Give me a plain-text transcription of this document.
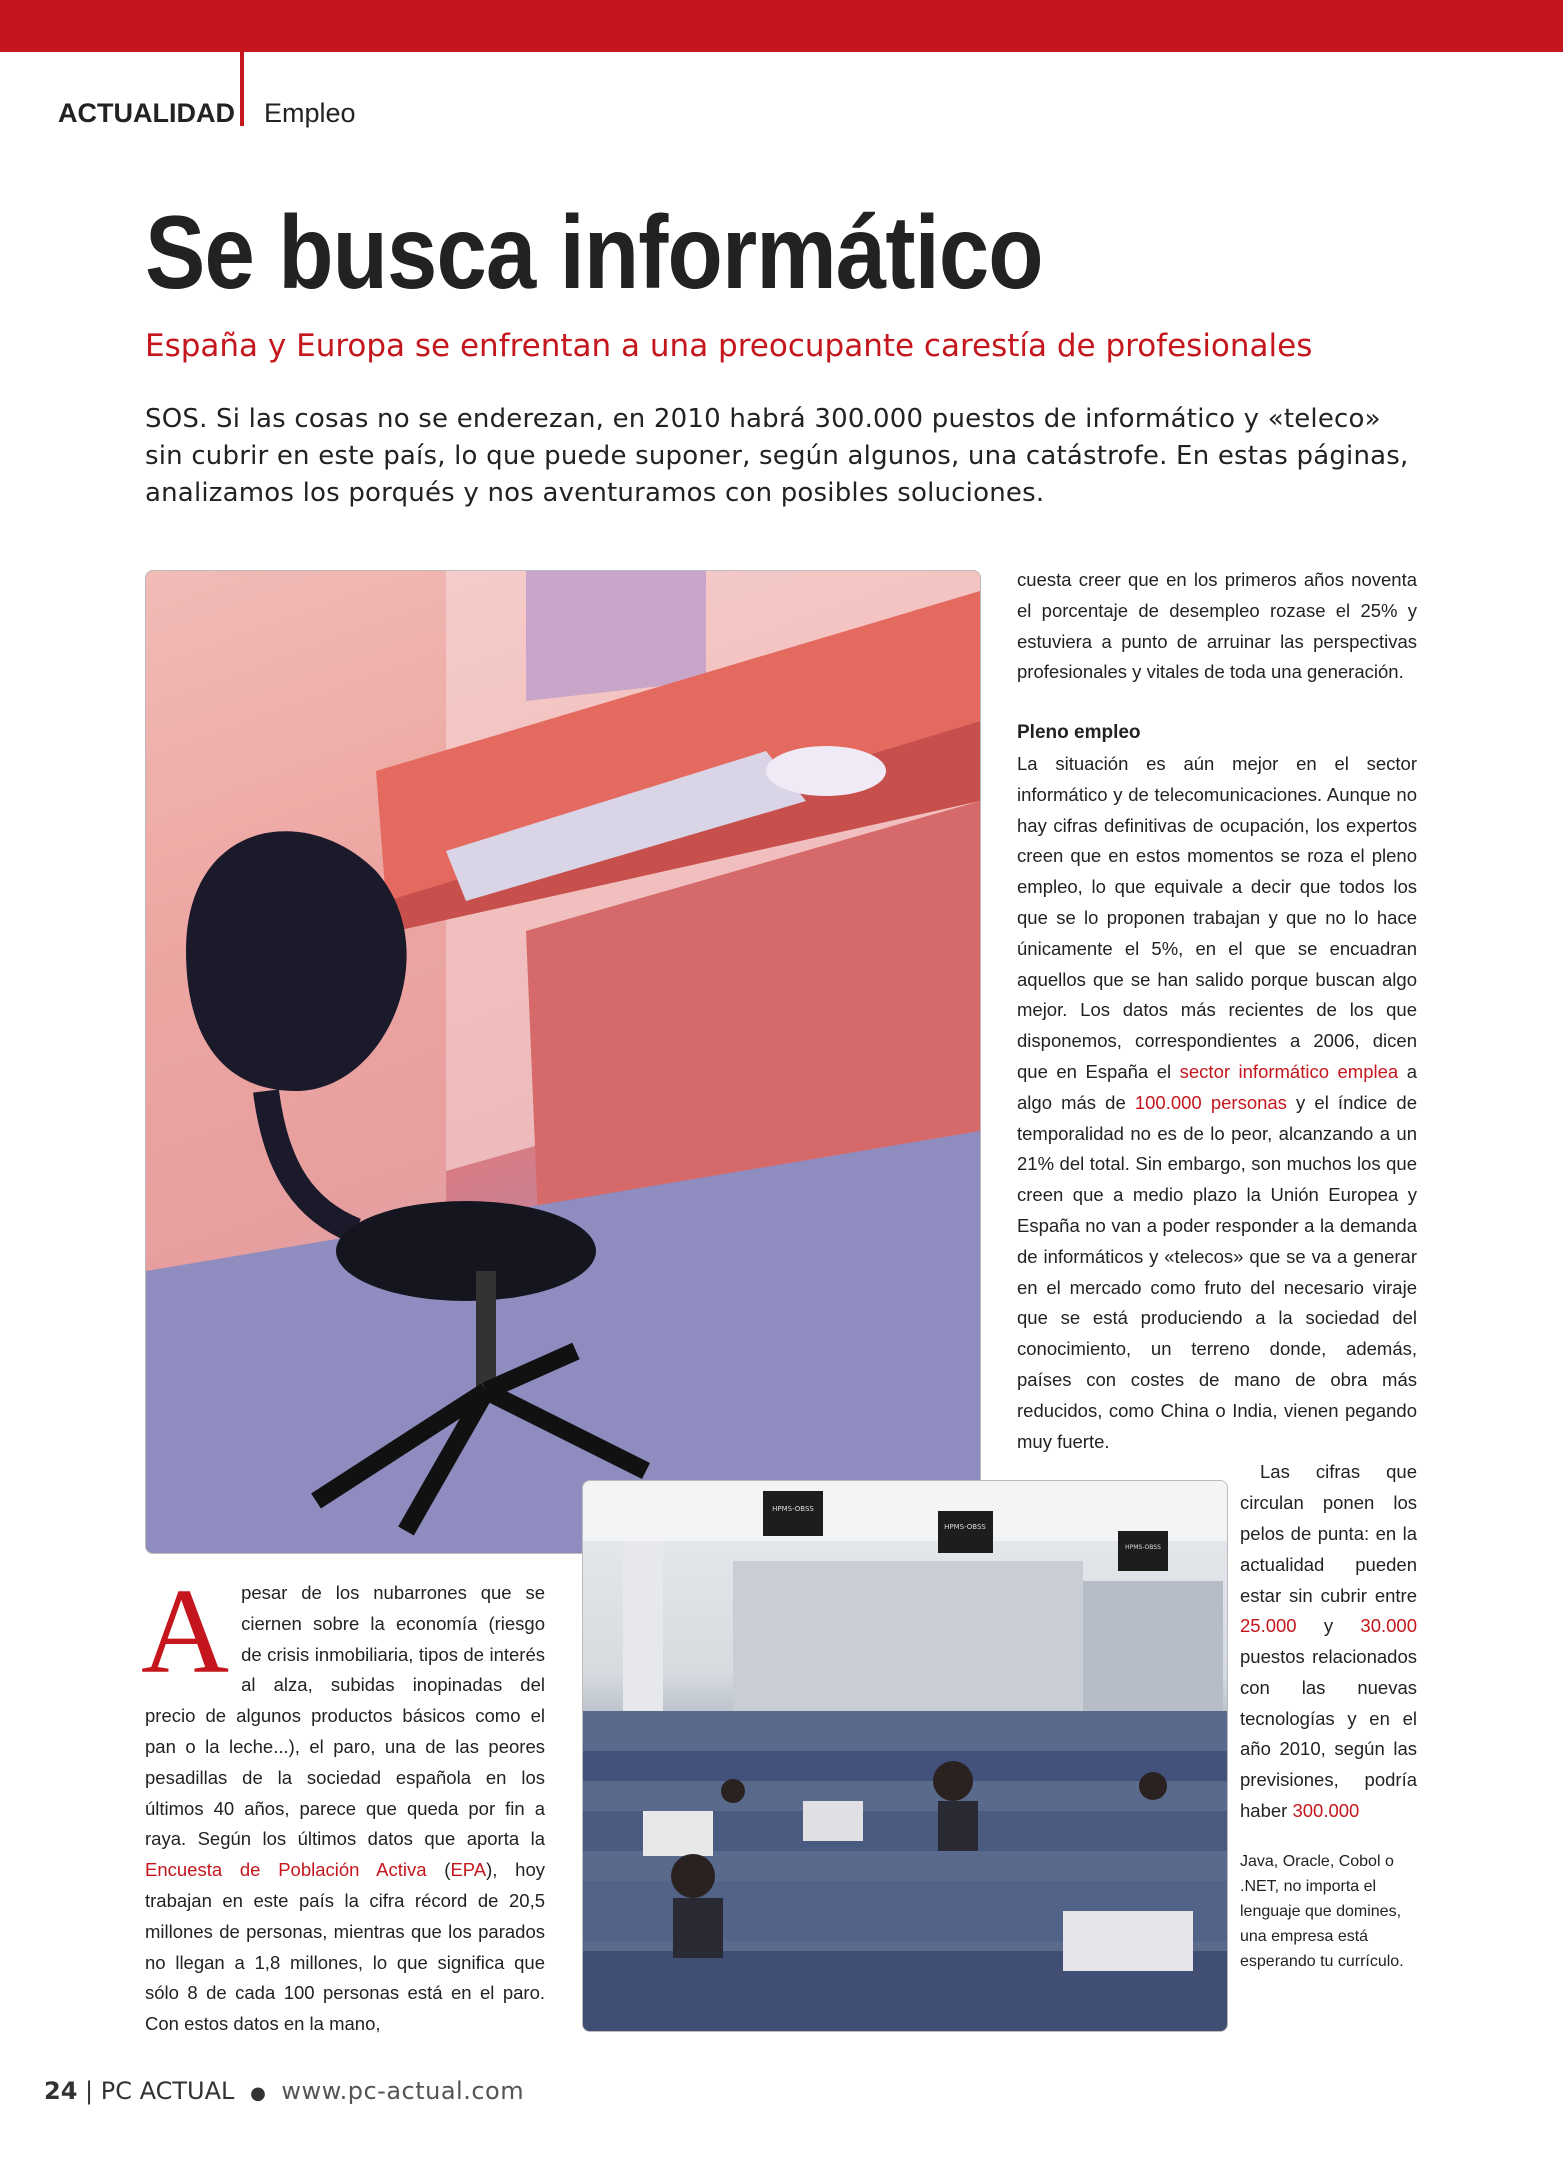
ACTUALIDAD Empleo
Se busca informático
España y Europa se enfrentan a una preocupante carestía de profesionales
SOS. Si las cosas no se enderezan, en 2010 habrá 300.000 puestos de informático y «teleco» sin cubrir en este país, lo que puede suponer, según algunos, una catástrofe. En estas páginas, analizamos los porqués y nos aventuramos con posibles soluciones.

cuesta creer que en los primeros años noventa el porcentaje de desempleo rozase el 25% y estuviera a punto de arruinar las perspectivas profesionales y vitales de toda una generación.

Pleno empleo

La situación es aún mejor en el sector informático y de telecomunicaciones. Aunque no hay cifras definitivas de ocupación, los expertos creen que en estos momentos se roza el pleno empleo, lo que equivale a decir que todos los que se lo proponen trabajan y que no lo hace únicamente el 5%, en el que se encuadran aquellos que se han salido porque buscan algo mejor. Los datos más recientes de los que disponemos, correspondientes a 2006, dicen que en España el sector informático emplea a algo más de 100.000 personas y el índice de temporalidad no es de lo peor, alcanzando a un 21% del total. Sin embargo, son muchos los que creen que a medio plazo la Unión Europea y España no van a poder responder a la demanda de informáticos y «telecos» que se va a generar en el mercado como fruto del necesario viraje que se está produciendo a la sociedad del conocimiento, un terreno donde, además, países con costes de mano de obra más reducidos, como China o India, vienen pegando muy fuerte.

Las cifras que circulan ponen los pelos de punta: en la actualidad pueden estar sin cubrir entre 25.000 y 30.000 puestos relacionados con las nuevas tecnologías y en el año 2010, según las previsiones, podría haber 300.000

Java, Oracle, Cobol o .NET, no importa el lenguaje que domines, una empresa está esperando tu currículo.

Apesar de los nubarrones que se ciernen sobre la economía (riesgo de crisis inmobiliaria, tipos de interés al alza, subidas inopinadas del precio de algunos productos básicos como el pan o la leche...), el paro, una de las peores pesadillas de la sociedad española en los últimos 40 años, parece que queda por fin a raya. Según los últimos datos que aporta la Encuesta de Población Activa (EPA), hoy trabajan en este país la cifra récord de 20,5 millones de personas, mientras que los parados no llegan a 1,8 millones, lo que significa que sólo 8 de cada 100 personas está en el paro. Con estos datos en la mano,

HPMS-OBSS
HPMS-OBSS
HPMS-OBSS
24 | PC ACTUAL ● www.pc-actual.com
